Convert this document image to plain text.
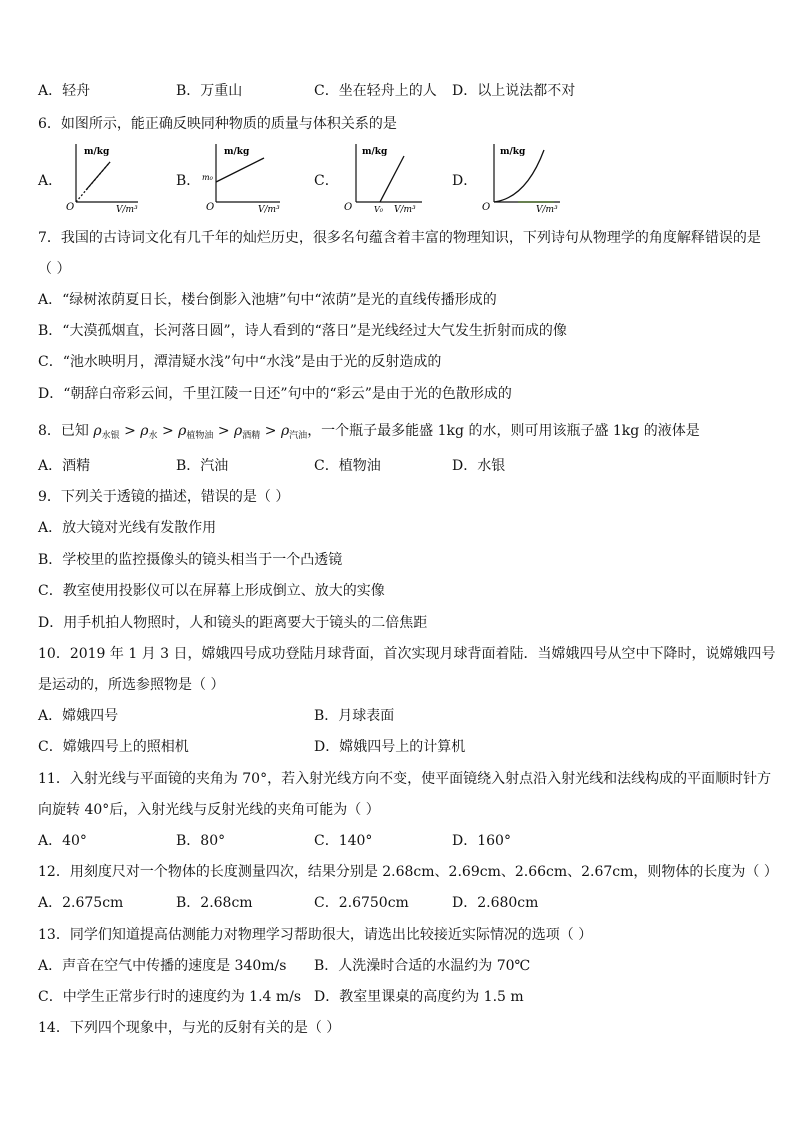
A．轻舟	B．万重山	C．坐在轻舟上的人 D．以上说法都不对
6．如图所示，能正确反映同种物质的质量与体积关系的是
A．	B．	C．	D．
m/kg
O	V/m³
m/kg
m₀
O	V/m³
m/kg
O	V₀ V/m³
m/kg
O	V/m³
7．我国的古诗词文化有几千年的灿烂历史，很多名句蕴含着丰富的物理知识，下列诗句从物理学的角度解释错误的是
（ ）
A．“绿树浓荫夏日长，楼台倒影入池塘”句中“浓荫”是光的直线传播形成的
B．“大漠孤烟直，长河落日圆”，诗人看到的“落日”是光线经过大气发生折射而成的像
C．“池水映明月，潭清疑水浅”句中“水浅”是由于光的反射造成的
D．“朝辞白帝彩云间，千里江陵一日还”句中的“彩云”是由于光的色散形成的
8．已知 $\rho_{水银} > \rho_水 > \rho_{植物油} > \rho_{酒精} > \rho_{汽油}$，一个瓶子最多能盛 1kg 的水，则可用该瓶子盛 1kg 的液体是
A．酒精	B．汽油	C．植物油	D．水银
9．下列关于透镜的描述，错误的是（ ）
A．放大镜对光线有发散作用
B．学校里的监控摄像头的镜头相当于一个凸透镜
C．教室使用投影仪可以在屏幕上形成倒立、放大的实像
D．用手机拍人物照时，人和镜头的距离要大于镜头的二倍焦距
10．2019 年 1 月 3 日，嫦娥四号成功登陆月球背面，首次实现月球背面着陆．当嫦娥四号从空中下降时，说嫦娥四号
是运动的，所选参照物是（ ）
A．嫦娥四号	B．月球表面
C．嫦娥四号上的照相机	D．嫦娥四号上的计算机
11．入射光线与平面镜的夹角为 70°，若入射光线方向不变，使平面镜绕入射点沿入射光线和法线构成的平面顺时针方
向旋转 40°后，入射光线与反射光线的夹角可能为（ ）
A．40°	B．80°	C．140°	D．160°
12．用刻度尺对一个物体的长度测量四次，结果分别是 2.68cm、2.69cm、2.66cm、2.67cm，则物体的长度为（ ）
A．2.675cm	B．2.68cm	C．2.6750cm	D．2.680cm
13．同学们知道提高估测能力对物理学习帮助很大，请选出比较接近实际情况的选项（ ）
A．声音在空气中传播的速度是 340m/s B．人洗澡时合适的水温约为 70℃
C．中学生正常步行时的速度约为 1.4 m/s D．教室里课桌的高度约为 1.5 m
14．下列四个现象中，与光的反射有关的是（ ）
